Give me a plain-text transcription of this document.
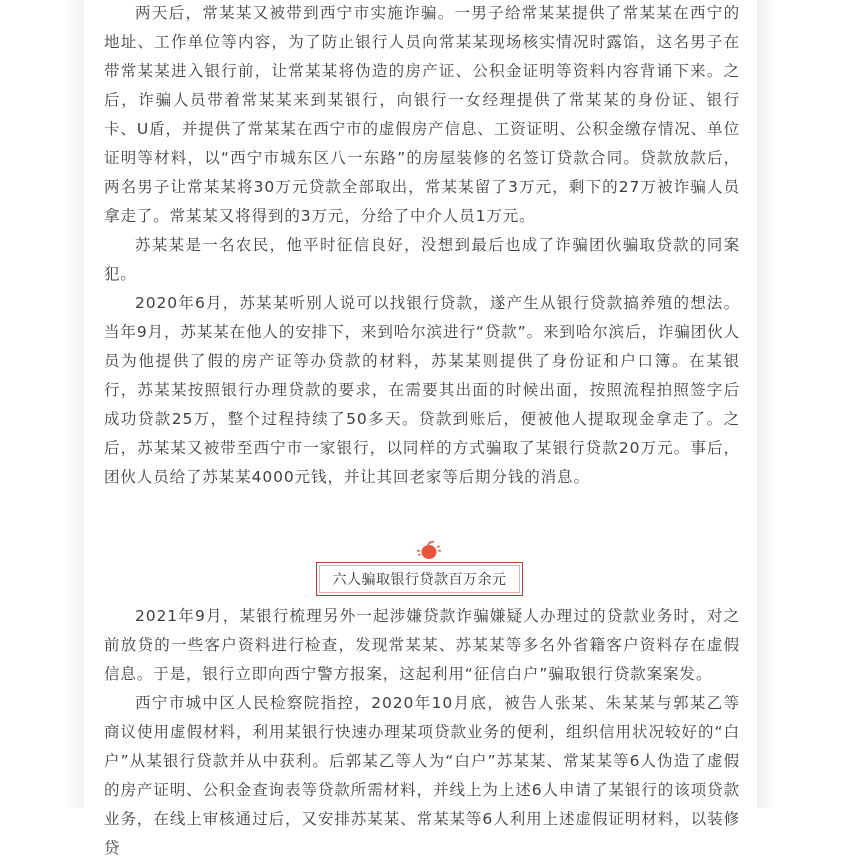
两天后，常某某又被带到西宁市实施诈骗。一男子给常某某提供了常某某在西宁的地址、工作单位等内容，为了防止银行人员向常某某现场核实情况时露馅，这名男子在带常某某进入银行前，让常某某将伪造的房产证、公积金证明等资料内容背诵下来。之后，诈骗人员带着常某某来到某银行，向银行一女经理提供了常某某的身份证、银行卡、U盾，并提供了常某某在西宁市的虚假房产信息、工资证明、公积金缴存情况、单位证明等材料，以“西宁市城东区八一东路”的房屋装修的名签订贷款合同。贷款放款后，两名男子让常某某将30万元贷款全部取出，常某某留了3万元，剩下的27万被诈骗人员拿走了。常某某又将得到的3万元，分给了中介人员1万元。

苏某某是一名农民，他平时征信良好，没想到最后也成了诈骗团伙骗取贷款的同案犯。

2020年6月，苏某某听别人说可以找银行贷款，遂产生从银行贷款搞养殖的想法。当年9月，苏某某在他人的安排下，来到哈尔滨进行“贷款”。来到哈尔滨后，诈骗团伙人员为他提供了假的房产证等办贷款的材料，苏某某则提供了身份证和户口簿。在某银行，苏某某按照银行办理贷款的要求，在需要其出面的时候出面，按照流程拍照签字后成功贷款25万，整个过程持续了50多天。贷款到账后，便被他人提取现金拿走了。之后，苏某某又被带至西宁市一家银行，以同样的方式骗取了某银行贷款20万元。事后，团伙人员给了苏某某4000元钱，并让其回老家等后期分钱的消息。

六人骗取银行贷款百万余元

2021年9月，某银行梳理另外一起涉嫌贷款诈骗嫌疑人办理过的贷款业务时，对之前放贷的一些客户资料进行检查，发现常某某、苏某某等多名外省籍客户资料存在虚假信息。于是，银行立即向西宁警方报案，这起利用“征信白户”骗取银行贷款案案发。

西宁市城中区人民检察院指控，2020年10月底，被告人张某、朱某某与郭某乙等商议使用虚假材料，利用某银行快速办理某项贷款业务的便利，组织信用状况较好的“白户”从某银行贷款并从中获利。后郭某乙等人为“白户”苏某某、常某某等6人伪造了虚假的房产证明、公积金查询表等贷款所需材料，并线上为上述6人申请了某银行的该项贷款业务，在线上审核通过后，又安排苏某某、常某某等6人利用上述虚假证明材料，以装修贷
